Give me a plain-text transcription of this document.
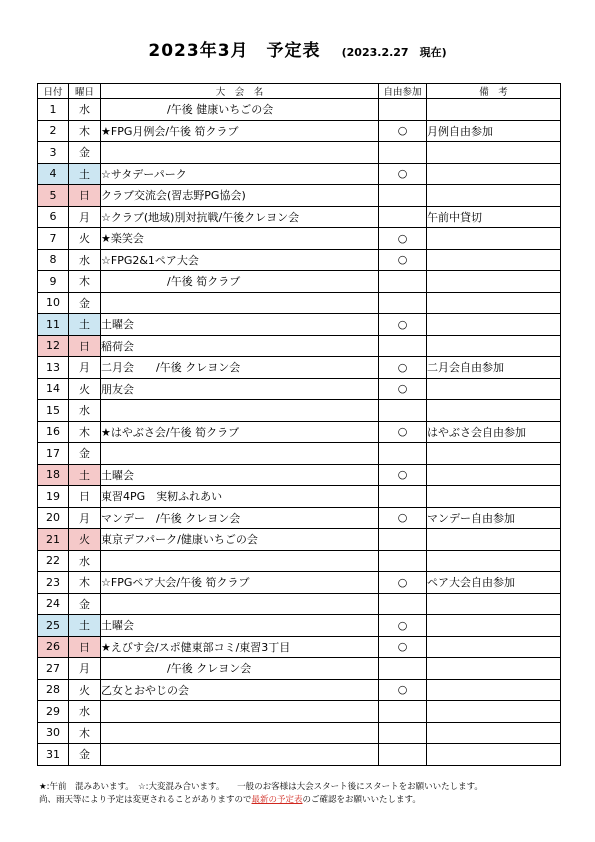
2023年3月　予定表 (2023.2.27　現在)
日付	曜日	大　会　名	自由参加	備　考
1	水	　　　　　　/午後 健康いちごの会		
2	木	★FPG月例会/午後 筍クラブ	○	月例自由参加
3	金			
4	土	☆サタデーパーク	○	
5	日	クラブ交流会(習志野PG協会)		
6	月	☆クラブ(地域)別対抗戦/午後クレヨン会		午前中貸切
7	火	★楽笑会	○	
8	水	☆FPG2&1ペア大会	○	
9	木	　　　　　　/午後 筍クラブ		
10	金			
11	土	土曜会	○	
12	日	稲荷会		
13	月	二月会　　/午後 クレヨン会	○	二月会自由参加
14	火	朋友会	○	
15	水			
16	木	★はやぶさ会/午後 筍クラブ	○	はやぶさ会自由参加
17	金			
18	土	土曜会	○	
19	日	東習4PG　実籾ふれあい		
20	月	マンデー　/午後 クレヨン会	○	マンデー自由参加
21	火	東京デフパーク/健康いちごの会		
22	水			
23	木	☆FPGペア大会/午後 筍クラブ	○	ペア大会自由参加
24	金			
25	土	土曜会	○	
26	日	★えびす会/スポ健東部コミ/東習3丁目	○	
27	月	　　　　　　/午後 クレヨン会		
28	火	乙女とおやじの会	○	
29	水			
30	木			
31	金			
★:午前　混みあいます。　☆:大変混み合います。　　一般のお客様は大会スタート後にスタートをお願いいたします。
尚、雨天等により予定は変更されることがありますので最新の予定表のご確認をお願いいたします。
